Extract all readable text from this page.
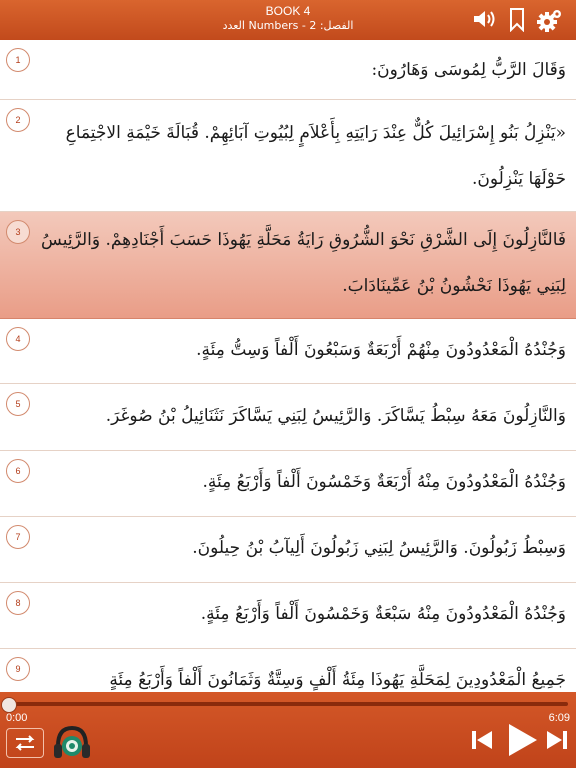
BOOK 4
العدد Numbers - الفصل: 2
1	وَقَالَ الرَّبُّ لِمُوسَى وَهَارُونَ:
2
«يَنْزِلُ بَنُو إِسْرَائِيلَ كُلٌّ عِنْدَ رَايَتِهِ بِأَعْلاَمٍ لِبُيُوتِ آبَائِهِمْ. قُبَالَةَ خَيْمَةِ الاجْتِمَاعِ حَوْلَهَا يَنْزِلُونَ.
3	فَالنَّازِلُونَ إِلَى الشَّرْقِ نَحْوَ الشُّرُوقِ رَايَةُ مَحَلَّةِ يَهُوذَا حَسَبَ أَجْنَادِهِمْ. وَالرَّئِيسُ لِبَنِي يَهُوذَا نَحْشُونُ بْنُ عَمِّينَادَابَ.
4
وَجُنْدُهُ الْمَعْدُودُونَ مِنْهُمْ أَرْبَعَةٌ وَسَبْعُونَ أَلْفاً وَسِتُّ مِئَةٍ.
5
وَالنَّازِلُونَ مَعَهُ سِبْطُ يَسَّاكَرَ. وَالرَّئِيسُ لِبَنِي يَسَّاكَرَ نَثَنَائِيلُ بْنُ صُوغَرَ.
6
وَجُنْدُهُ الْمَعْدُودُونَ مِنْهُ أَرْبَعَةٌ وَخَمْسُونَ أَلْفاً وَأَرْبَعُ مِئَةٍ.
7
وَسِبْطُ زَبُولُونَ. وَالرَّئِيسُ لِبَنِي زَبُولُونَ أَلِيآبُ بْنُ حِيلُونَ.
8
وَجُنْدُهُ الْمَعْدُودُونَ مِنْهُ سَبْعَةٌ وَخَمْسُونَ أَلْفاً وَأَرْبَعُ مِئَةٍ.
9
جَمِيعُ الْمَعْدُودِينَ لِمَحَلَّةِ يَهُوذَا مِئَةُ أَلْفٍ وَسِتَّةٌ وَثَمَانُونَ أَلْفاً وَأَرْبَعُ مِئَةٍ
0:00	6:09
